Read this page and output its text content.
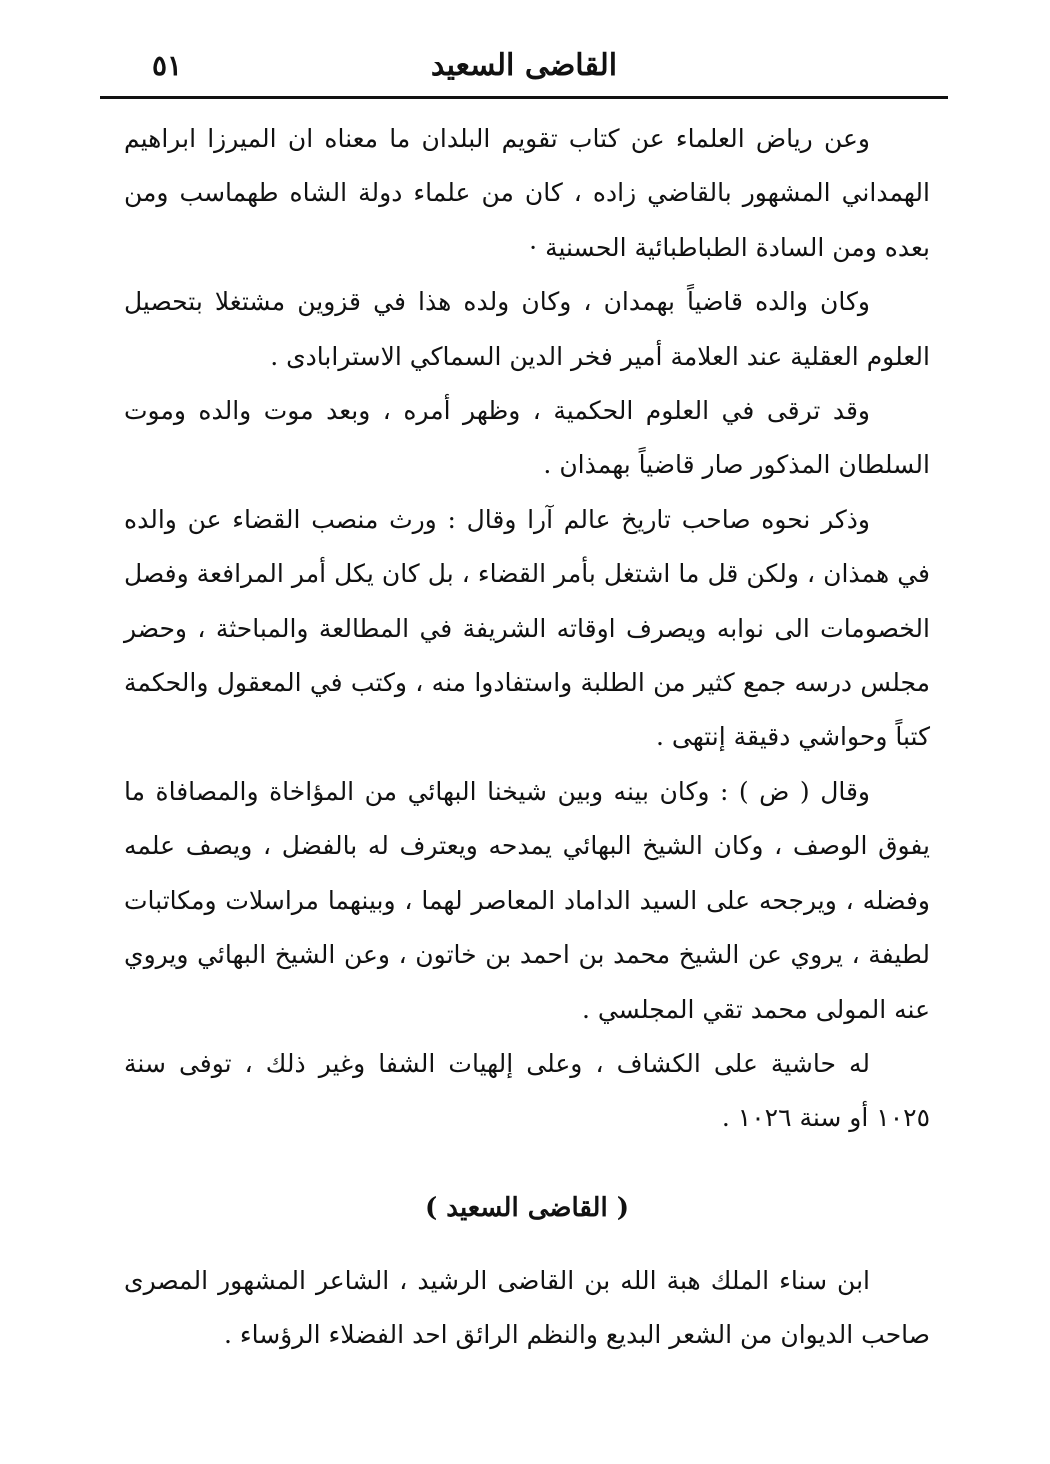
القاضى السعيد
٥١

وعن رياض العلماء عن كتاب تقويم البلدان ما معناه ان الميرزا ابراهيم الهمداني المشهور بالقاضي زاده ، كان من علماء دولة الشاه طهماسب ومن بعده ومن السادة الطباطبائية الحسنية ·

وكان والده قاضياً بهمدان ، وكان ولده هذا في قزوين مشتغلا بتحصيل العلوم العقلية عند العلامة أمير فخر الدين السماكي الاسترابادى .

وقد ترقى في العلوم الحكمية ، وظهر أمره ، وبعد موت والده وموت السلطان المذكور صار قاضياً بهمذان .

وذكر نحوه صاحب تاريخ عالم آرا وقال : ورث منصب القضاء عن والده في همذان ، ولكن قل ما اشتغل بأمر القضاء ، بل كان يكل أمر المرافعة وفصل الخصومات الى نوابه ويصرف اوقاته الشريفة في المطالعة والمباحثة ، وحضر مجلس درسه جمع كثير من الطلبة واستفادوا منه ، وكتب في المعقول والحكمة كتباً وحواشي دقيقة إنتهى .

وقال ( ض ) : وكان بينه وبين شيخنا البهائي من المؤاخاة والمصافاة ما يفوق الوصف ، وكان الشيخ البهائي يمدحه ويعترف له بالفضل ، ويصف علمه وفضله ، ويرجحه على السيد الداماد المعاصر لهما ، وبينهما مراسلات ومكاتبات لطيفة ، يروي عن الشيخ محمد بن احمد بن خاتون ، وعن الشيخ البهائي ويروي عنه المولى محمد تقي المجلسي .

له حاشية على الكشاف ، وعلى إلهيات الشفا وغير ذلك ، توفى سنة ١٠٢٥ أو سنة ١٠٢٦ .

( القاضى السعيد )

ابن سناء الملك هبة الله بن القاضى الرشيد ، الشاعر المشهور المصرى صاحب الديوان من الشعر البديع والنظم الرائق احد الفضلاء الرؤساء .
